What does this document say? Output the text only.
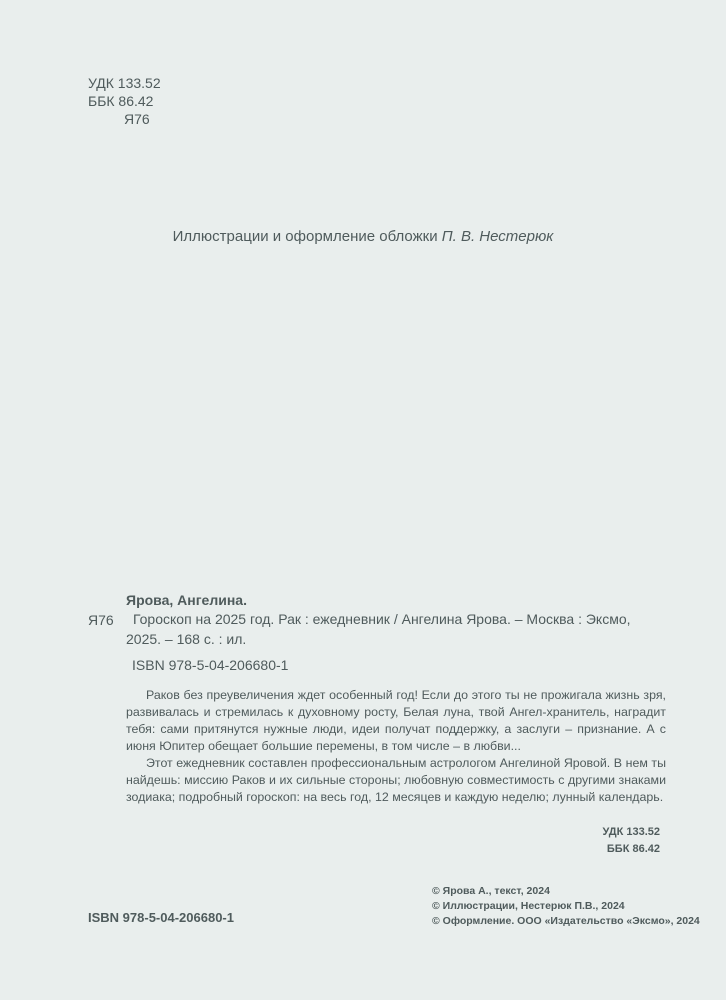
УДК 133.52
ББК 86.42
Я76
Иллюстрации и оформление обложки П. В. Нестерюк
Ярова, Ангелина.
Я76	Гороскоп на 2025 год. Рак : ежедневник / Ангелина Ярова. – Москва : Эксмо, 2025. – 168 с. : ил.
ISBN 978-5-04-206680-1

Раков без преувеличения ждет особенный год! Если до этого ты не прожигала жизнь зря, развивалась и стремилась к духовному росту, Белая луна, твой Ангел-хранитель, наградит тебя: сами притянутся нужные люди, идеи получат поддержку, а заслуги – признание. А с июня Юпитер обещает большие перемены, в том числе – в любви...

Этот ежедневник составлен профессиональным астрологом Ангелиной Яровой. В нем ты найдешь: миссию Раков и их сильные стороны; любовную совместимость с другими знаками зодиака; подробный гороскоп: на весь год, 12 месяцев и каждую неделю; лунный календарь.

УДК 133.52
ББК 86.42
ISBN 978-5-04-206680-1
© Ярова А., текст, 2024
© Иллюстрации, Нестерюк П.В., 2024
© Оформление. ООО «Издательство «Эксмо», 2024
